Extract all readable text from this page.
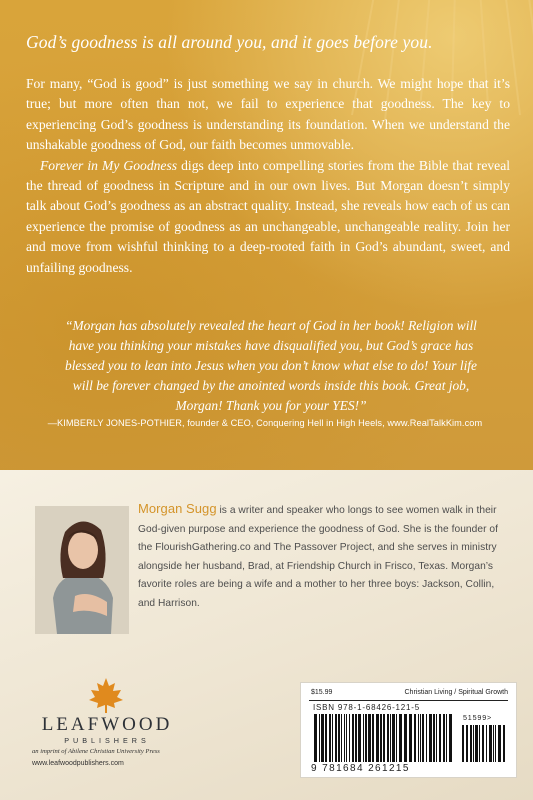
God’s goodness is all around you, and it goes before you.

For many, “God is good” is just something we say in church. We might hope that it’s true; but more often than not, we fail to experience that goodness. The key to experiencing God’s goodness is understanding its foundation. When we understand the unshakable goodness of God, our faith becomes unmovable.

Forever in My Goodness digs deep into compelling stories from the Bible that reveal the thread of goodness in Scripture and in our own lives. But Morgan doesn’t simply talk about God’s goodness as an abstract quality. Instead, she reveals how each of us can experience the promise of goodness as an unchangeable, unchangeable reality. Join her and move from wishful thinking to a deep-rooted faith in God’s abundant, sweet, and unfailing goodness.

“Morgan has absolutely revealed the heart of God in her book! Religion will have you thinking your mistakes have disqualified you, but God’s grace has blessed you to lean into Jesus when you don’t know what else to do! Your life will be forever changed by the anointed words inside this book. Great job, Morgan! Thank you for your YES!”
—KIMBERLY JONES-POTHIER, founder & CEO, Conquering Hell in High Heels, www.RealTalkKim.com
Morgan Sugg is a writer and speaker who longs to see women walk in their God-given purpose and experience the goodness of God. She is the founder of the FlourishGathering.co and The Passover Project, and she serves in ministry alongside her husband, Brad, at Friendship Church in Frisco, Texas. Morgan’s favorite roles are being a wife and a mother to her three boys: Jackson, Collin, and Harrison.
LEAFWOOD
PUBLISHERS
an imprint of Abilene Christian University Press
www.leafwoodpublishers.com
$15.99	Christian Living / Spiritual Growth
ISBN 978-1-68426-121-5
51599>
9 781684 261215
